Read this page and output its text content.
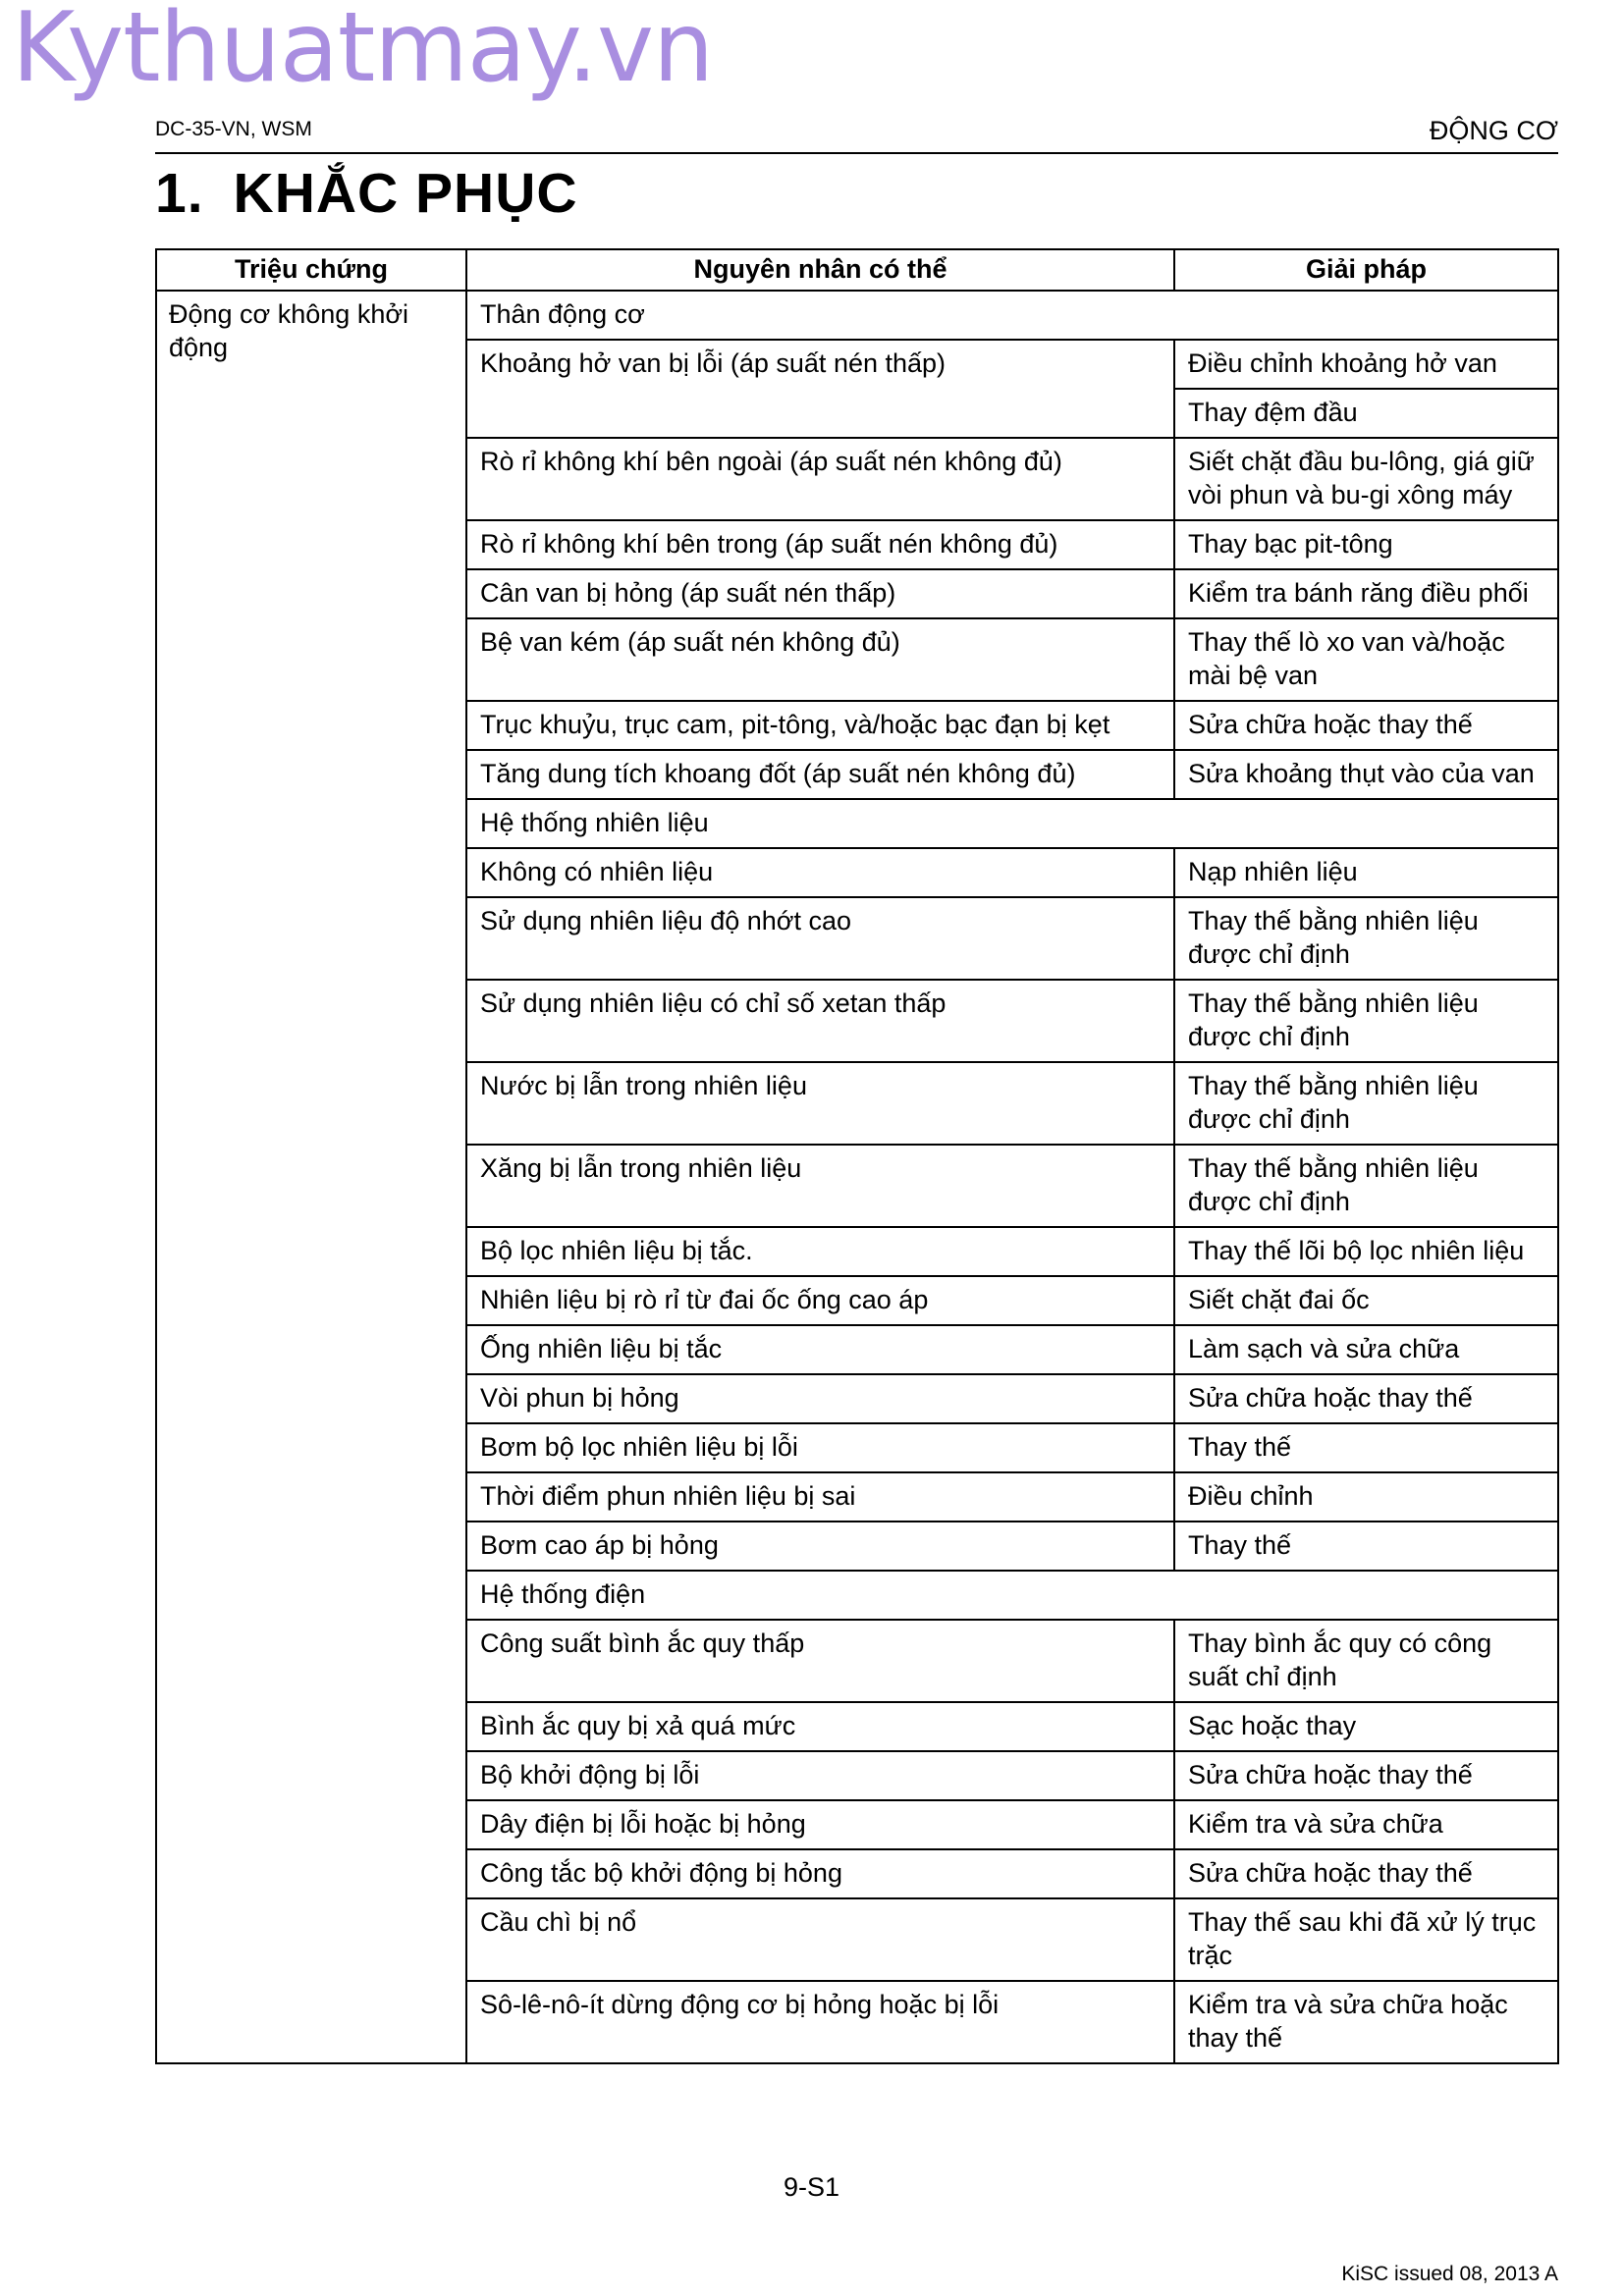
Kythuatmay.vn
DC-35-VN, WSM	ĐỘNG CƠ
1. KHẮC PHỤC
Triệu chứng	Nguyên nhân có thể	Giải pháp
Động cơ không khởi động	Thân động cơ	
	Khoảng hở van bị lỗi (áp suất nén thấp)	Điều chỉnh khoảng hở van
		Thay đệm đầu
	Rò rỉ không khí bên ngoài (áp suất nén không đủ)	Siết chặt đầu bu-lông, giá giữ vòi phun và bu-gi xông máy
	Rò rỉ không khí bên trong (áp suất nén không đủ)	Thay bạc pit-tông
	Cân van bị hỏng (áp suất nén thấp)	Kiểm tra bánh răng điều phối
	Bệ van kém (áp suất nén không đủ)	Thay thế lò xo van và/hoặc mài bệ van
	Trục khuỷu, trục cam, pit-tông, và/hoặc bạc đạn bị kẹt	Sửa chữa hoặc thay thế
	Tăng dung tích khoang đốt (áp suất nén không đủ)	Sửa khoảng thụt vào của van
	Hệ thống nhiên liệu	
	Không có nhiên liệu	Nạp nhiên liệu
	Sử dụng nhiên liệu độ nhớt cao	Thay thế bằng nhiên liệu được chỉ định
	Sử dụng nhiên liệu có chỉ số xetan thấp	Thay thế bằng nhiên liệu được chỉ định
	Nước bị lẫn trong nhiên liệu	Thay thế bằng nhiên liệu được chỉ định
	Xăng bị lẫn trong nhiên liệu	Thay thế bằng nhiên liệu được chỉ định
	Bộ lọc nhiên liệu bị tắc.	Thay thế lõi bộ lọc nhiên liệu
	Nhiên liệu bị rò rỉ từ đai ốc ống cao áp	Siết chặt đai ốc
	Ống nhiên liệu bị tắc	Làm sạch và sửa chữa
	Vòi phun bị hỏng	Sửa chữa hoặc thay thế
	Bơm bộ lọc nhiên liệu bị lỗi	Thay thế
	Thời điểm phun nhiên liệu bị sai	Điều chỉnh
	Bơm cao áp bị hỏng	Thay thế
	Hệ thống điện	
	Công suất bình ắc quy thấp	Thay bình ắc quy có công suất chỉ định
	Bình ắc quy bị xả quá mức	Sạc hoặc thay
	Bộ khởi động bị lỗi	Sửa chữa hoặc thay thế
	Dây điện bị lỗi hoặc bị hỏng	Kiểm tra và sửa chữa
	Công tắc bộ khởi động bị hỏng	Sửa chữa hoặc thay thế
	Cầu chì bị nổ	Thay thế sau khi đã xử lý trục trặc
	Sô-lê-nô-ít dừng động cơ bị hỏng hoặc bị lỗi	Kiểm tra và sửa chữa hoặc thay thế
9-S1
KiSC issued 08, 2013 A
